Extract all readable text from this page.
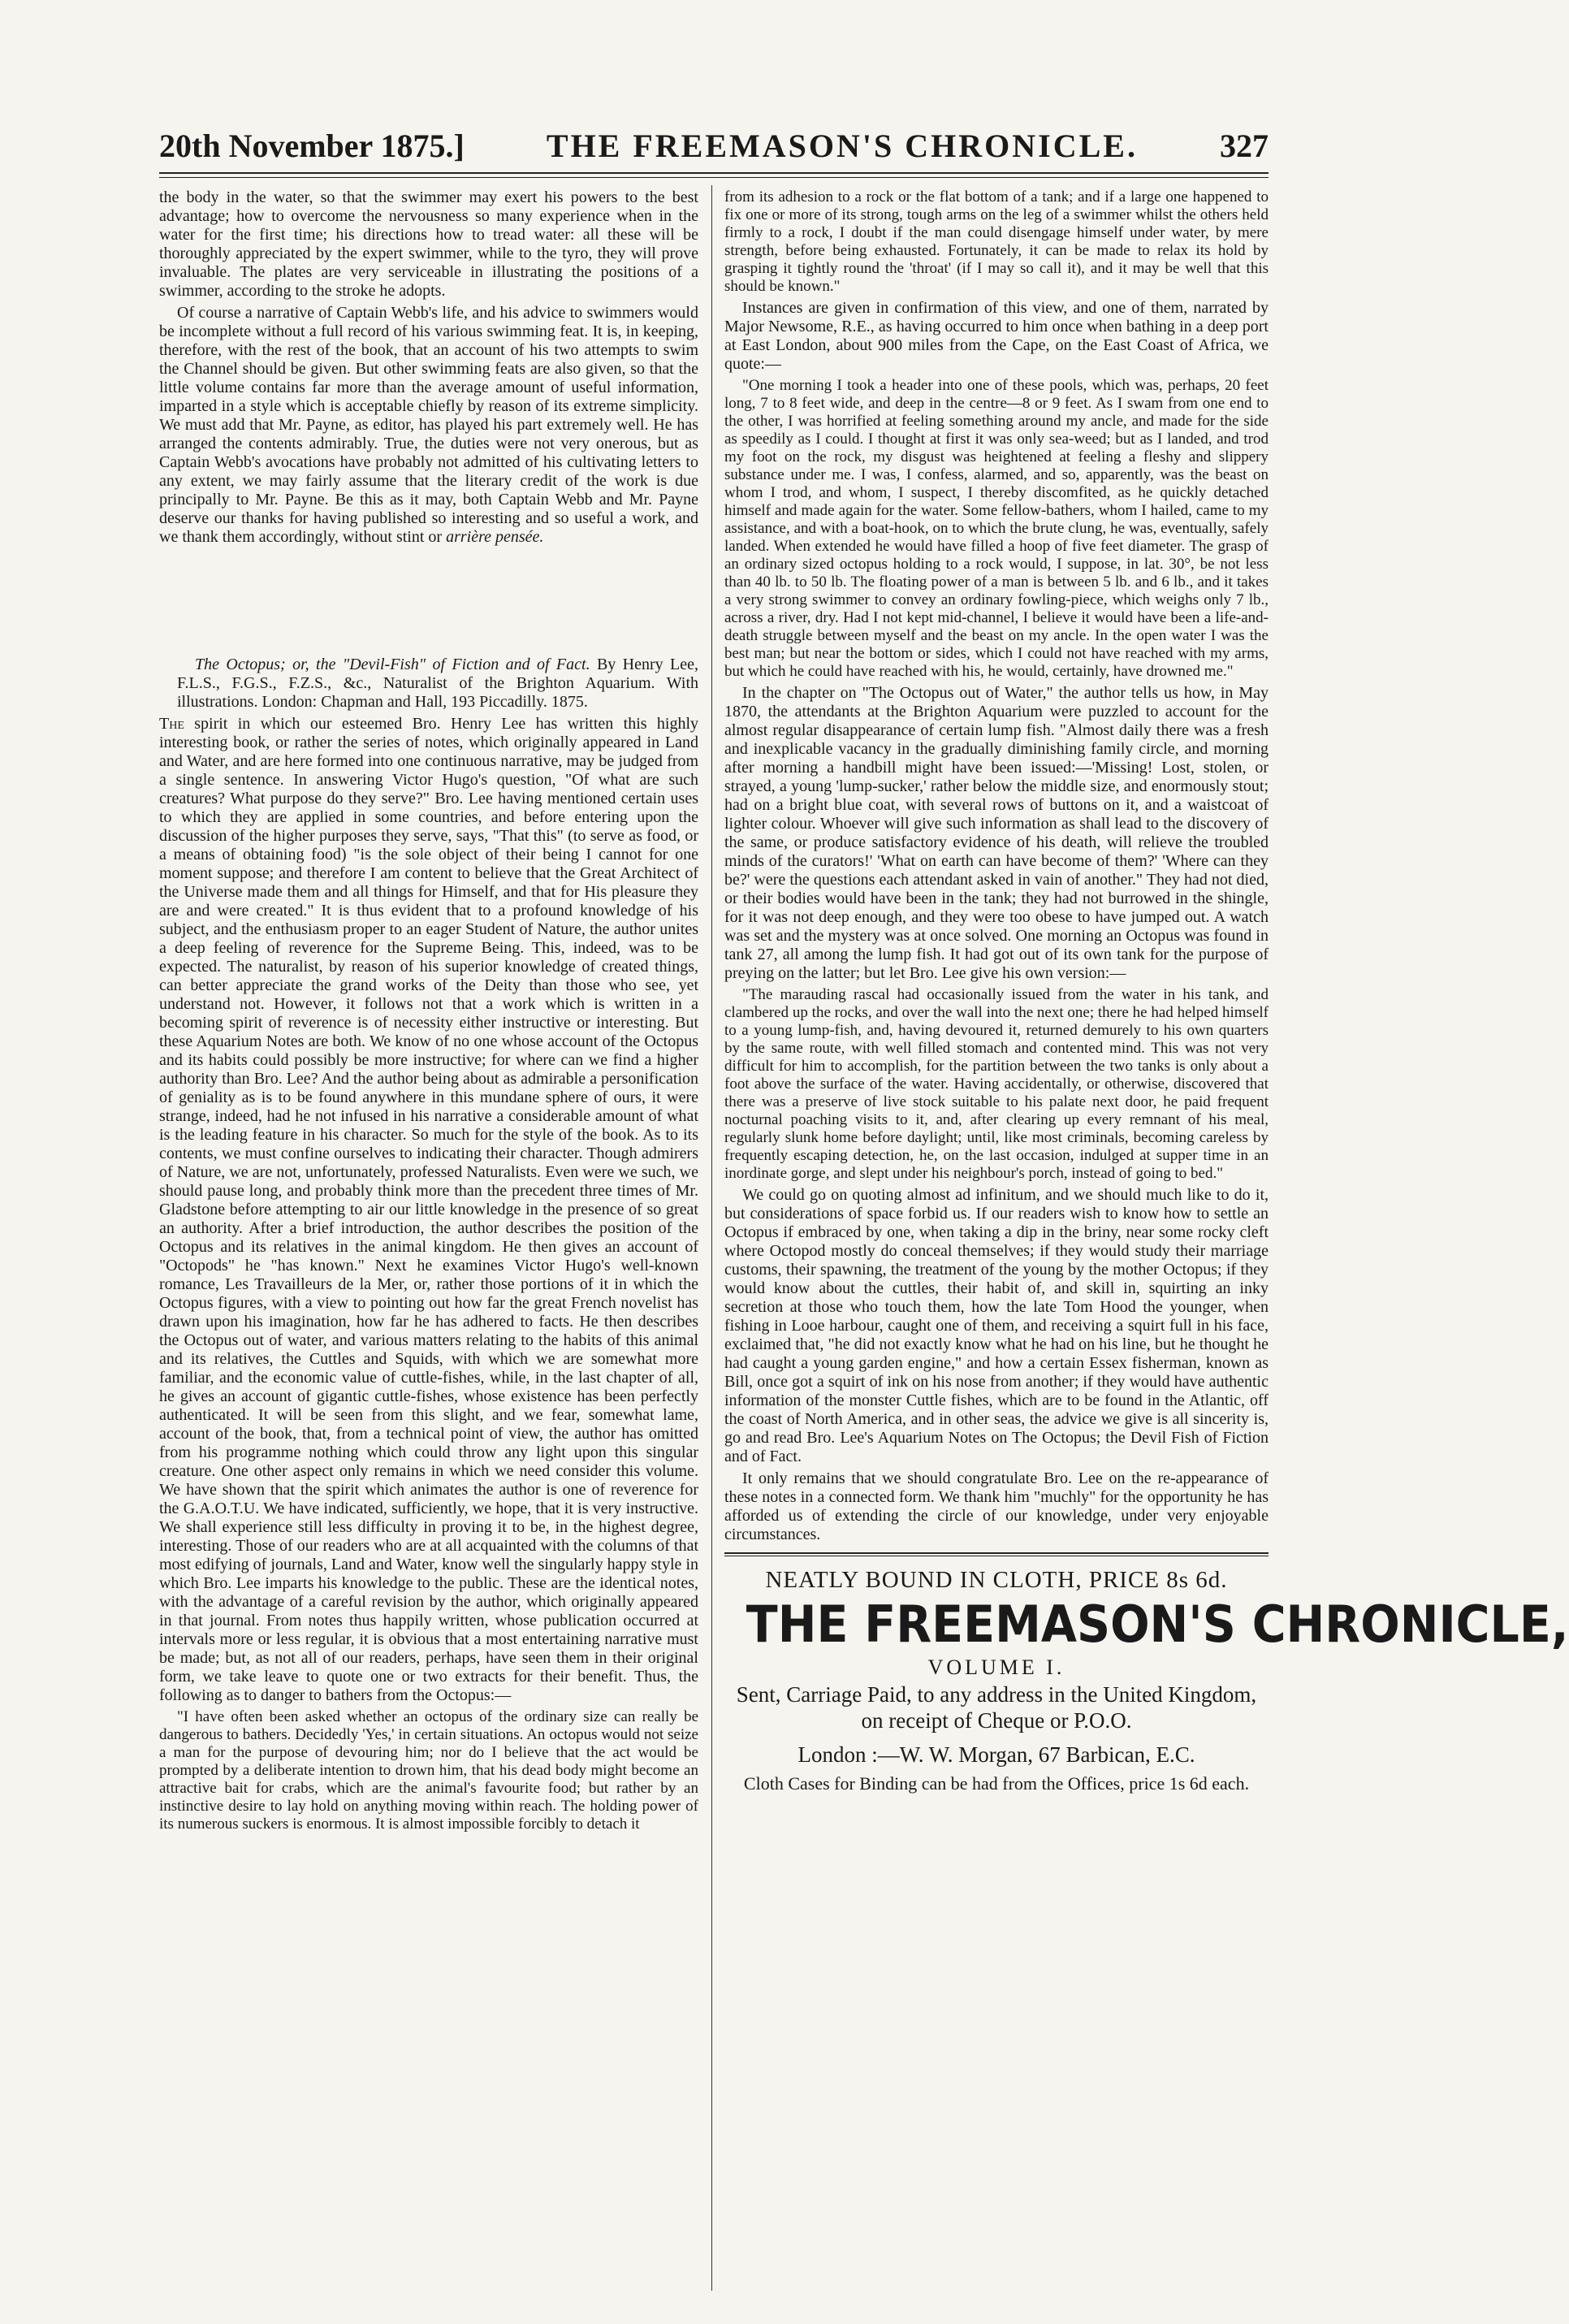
20th November 1875.]	THE FREEMASON'S CHRONICLE.	327

the body in the water, so that the swimmer may exert his powers to the best advantage; how to overcome the nervousness so many experience when in the water for the first time; his directions how to tread water: all these will be thoroughly appreciated by the expert swimmer, while to the tyro, they will prove invaluable. The plates are very serviceable in illustrating the positions of a swimmer, according to the stroke he adopts.

Of course a narrative of Captain Webb's life, and his advice to swimmers would be incomplete without a full record of his various swimming feat. It is, in keeping, therefore, with the rest of the book, that an account of his two attempts to swim the Channel should be given. But other swimming feats are also given, so that the little volume contains far more than the average amount of useful information, imparted in a style which is acceptable chiefly by reason of its extreme simplicity. We must add that Mr. Payne, as editor, has played his part extremely well. He has arranged the contents admirably. True, the duties were not very onerous, but as Captain Webb's avocations have probably not admitted of his cultivating letters to any extent, we may fairly assume that the literary credit of the work is due principally to Mr. Payne. Be this as it may, both Captain Webb and Mr. Payne deserve our thanks for having published so interesting and so useful a work, and we thank them accordingly, without stint or arrière pensée.

The Octopus; or, the "Devil-Fish" of Fiction and of Fact. By Henry Lee, F.L.S., F.G.S., F.Z.S., &c., Naturalist of the Brighton Aquarium. With illustrations. London: Chapman and Hall, 193 Piccadilly. 1875.

The spirit in which our esteemed Bro. Henry Lee has written this highly interesting book, or rather the series of notes, which originally appeared in Land and Water, and are here formed into one continuous narrative, may be judged from a single sentence. In answering Victor Hugo's question, "Of what are such creatures? What purpose do they serve?" Bro. Lee having mentioned certain uses to which they are applied in some countries, and before entering upon the discussion of the higher purposes they serve, says, "That this" (to serve as food, or a means of obtaining food) "is the sole object of their being I cannot for one moment suppose; and therefore I am content to believe that the Great Architect of the Universe made them and all things for Himself, and that for His pleasure they are and were created." It is thus evident that to a profound knowledge of his subject, and the enthusiasm proper to an eager Student of Nature, the author unites a deep feeling of reverence for the Supreme Being. This, indeed, was to be expected. The naturalist, by reason of his superior knowledge of created things, can better appreciate the grand works of the Deity than those who see, yet understand not. However, it follows not that a work which is written in a becoming spirit of reverence is of necessity either instructive or interesting. But these Aquarium Notes are both. We know of no one whose account of the Octopus and its habits could possibly be more instructive; for where can we find a higher authority than Bro. Lee? And the author being about as admirable a personification of geniality as is to be found anywhere in this mundane sphere of ours, it were strange, indeed, had he not infused in his narrative a considerable amount of what is the leading feature in his character. So much for the style of the book. As to its contents, we must confine ourselves to indicating their character. Though admirers of Nature, we are not, unfortunately, professed Naturalists. Even were we such, we should pause long, and probably think more than the precedent three times of Mr. Gladstone before attempting to air our little knowledge in the presence of so great an authority. After a brief introduction, the author describes the position of the Octopus and its relatives in the animal kingdom. He then gives an account of "Octopods" he "has known." Next he examines Victor Hugo's well-known romance, Les Travailleurs de la Mer, or, rather those portions of it in which the Octopus figures, with a view to pointing out how far the great French novelist has drawn upon his imagination, how far he has adhered to facts. He then describes the Octopus out of water, and various matters relating to the habits of this animal and its relatives, the Cuttles and Squids, with which we are somewhat more familiar, and the economic value of cuttle-fishes, while, in the last chapter of all, he gives an account of gigantic cuttle-fishes, whose existence has been perfectly authenticated. It will be seen from this slight, and we fear, somewhat lame, account of the book, that, from a technical point of view, the author has omitted from his programme nothing which could throw any light upon this singular creature. One other aspect only remains in which we need consider this volume. We have shown that the spirit which animates the author is one of reverence for the G.A.O.T.U. We have indicated, sufficiently, we hope, that it is very instructive. We shall experience still less difficulty in proving it to be, in the highest degree, interesting. Those of our readers who are at all acquainted with the columns of that most edifying of journals, Land and Water, know well the singularly happy style in which Bro. Lee imparts his knowledge to the public. These are the identical notes, with the advantage of a careful revision by the author, which originally appeared in that journal. From notes thus happily written, whose publication occurred at intervals more or less regular, it is obvious that a most entertaining narrative must be made; but, as not all of our readers, perhaps, have seen them in their original form, we take leave to quote one or two extracts for their benefit. Thus, the following as to danger to bathers from the Octopus:—

"I have often been asked whether an octopus of the ordinary size can really be dangerous to bathers. Decidedly 'Yes,' in certain situations. An octopus would not seize a man for the purpose of devouring him; nor do I believe that the act would be prompted by a deliberate intention to drown him, that his dead body might become an attractive bait for crabs, which are the animal's favourite food; but rather by an instinctive desire to lay hold on anything moving within reach. The holding power of its numerous suckers is enormous. It is almost impossible forcibly to detach it

from its adhesion to a rock or the flat bottom of a tank; and if a large one happened to fix one or more of its strong, tough arms on the leg of a swimmer whilst the others held firmly to a rock, I doubt if the man could disengage himself under water, by mere strength, before being exhausted. Fortunately, it can be made to relax its hold by grasping it tightly round the 'throat' (if I may so call it), and it may be well that this should be known."

Instances are given in confirmation of this view, and one of them, narrated by Major Newsome, R.E., as having occurred to him once when bathing in a deep port at East London, about 900 miles from the Cape, on the East Coast of Africa, we quote:—

"One morning I took a header into one of these pools, which was, perhaps, 20 feet long, 7 to 8 feet wide, and deep in the centre—8 or 9 feet. As I swam from one end to the other, I was horrified at feeling something around my ancle, and made for the side as speedily as I could. I thought at first it was only sea-weed; but as I landed, and trod my foot on the rock, my disgust was heightened at feeling a fleshy and slippery substance under me. I was, I confess, alarmed, and so, apparently, was the beast on whom I trod, and whom, I suspect, I thereby discomfited, as he quickly detached himself and made again for the water. Some fellow-bathers, whom I hailed, came to my assistance, and with a boat-hook, on to which the brute clung, he was, eventually, safely landed. When extended he would have filled a hoop of five feet diameter. The grasp of an ordinary sized octopus holding to a rock would, I suppose, in lat. 30°, be not less than 40 lb. to 50 lb. The floating power of a man is between 5 lb. and 6 lb., and it takes a very strong swimmer to convey an ordinary fowling-piece, which weighs only 7 lb., across a river, dry. Had I not kept mid-channel, I believe it would have been a life-and-death struggle between myself and the beast on my ancle. In the open water I was the best man; but near the bottom or sides, which I could not have reached with my arms, but which he could have reached with his, he would, certainly, have drowned me."

In the chapter on "The Octopus out of Water," the author tells us how, in May 1870, the attendants at the Brighton Aquarium were puzzled to account for the almost regular disappearance of certain lump fish. "Almost daily there was a fresh and inexplicable vacancy in the gradually diminishing family circle, and morning after morning a handbill might have been issued:—'Missing! Lost, stolen, or strayed, a young 'lump-sucker,' rather below the middle size, and enormously stout; had on a bright blue coat, with several rows of buttons on it, and a waistcoat of lighter colour. Whoever will give such information as shall lead to the discovery of the same, or produce satisfactory evidence of his death, will relieve the troubled minds of the curators!' 'What on earth can have become of them?' 'Where can they be?' were the questions each attendant asked in vain of another." They had not died, or their bodies would have been in the tank; they had not burrowed in the shingle, for it was not deep enough, and they were too obese to have jumped out. A watch was set and the mystery was at once solved. One morning an Octopus was found in tank 27, all among the lump fish. It had got out of its own tank for the purpose of preying on the latter; but let Bro. Lee give his own version:—

"The marauding rascal had occasionally issued from the water in his tank, and clambered up the rocks, and over the wall into the next one; there he had helped himself to a young lump-fish, and, having devoured it, returned demurely to his own quarters by the same route, with well filled stomach and contented mind. This was not very difficult for him to accomplish, for the partition between the two tanks is only about a foot above the surface of the water. Having accidentally, or otherwise, discovered that there was a preserve of live stock suitable to his palate next door, he paid frequent nocturnal poaching visits to it, and, after clearing up every remnant of his meal, regularly slunk home before daylight; until, like most criminals, becoming careless by frequently escaping detection, he, on the last occasion, indulged at supper time in an inordinate gorge, and slept under his neighbour's porch, instead of going to bed."

We could go on quoting almost ad infinitum, and we should much like to do it, but considerations of space forbid us. If our readers wish to know how to settle an Octopus if embraced by one, when taking a dip in the briny, near some rocky cleft where Octopod mostly do conceal themselves; if they would study their marriage customs, their spawning, the treatment of the young by the mother Octopus; if they would know about the cuttles, their habit of, and skill in, squirting an inky secretion at those who touch them, how the late Tom Hood the younger, when fishing in Looe harbour, caught one of them, and receiving a squirt full in his face, exclaimed that, "he did not exactly know what he had on his line, but he thought he had caught a young garden engine," and how a certain Essex fisherman, known as Bill, once got a squirt of ink on his nose from another; if they would have authentic information of the monster Cuttle fishes, which are to be found in the Atlantic, off the coast of North America, and in other seas, the advice we give is all sincerity is, go and read Bro. Lee's Aquarium Notes on The Octopus; the Devil Fish of Fiction and of Fact.

It only remains that we should congratulate Bro. Lee on the re-appearance of these notes in a connected form. We thank him "muchly" for the opportunity he has afforded us of extending the circle of our knowledge, under very enjoyable circumstances.

NEATLY BOUND IN CLOTH, PRICE 8s 6d.
THE FREEMASON'S CHRONICLE,
VOLUME I.
Sent, Carriage Paid, to any address in the United Kingdom,
on receipt of Cheque or P.O.O.
London :—W. W. Morgan, 67 Barbican, E.C.
Cloth Cases for Binding can be had from the Offices, price 1s 6d each.
